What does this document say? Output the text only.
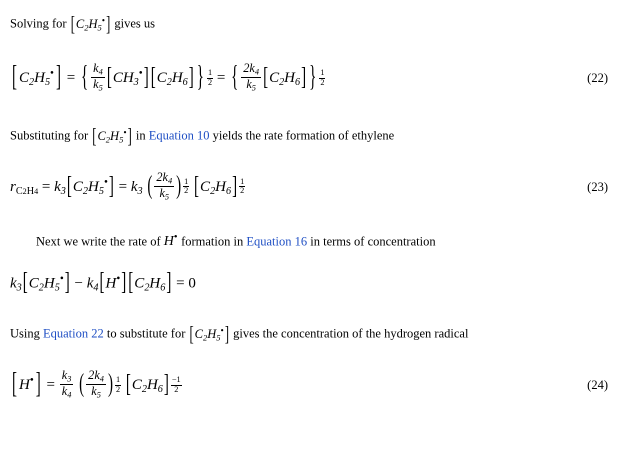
Solving for $[C_2H_5^•]$ gives us

[ $C_2H_5^•$ ] = { $\frac{k_4}{k_5} [CH_3^•]$ $[C_2H_6]$ } $\frac{1}{2}$ = { $\frac{2k_4}{k_5} [C_2H_6]$ } $\frac{1}{2}$	(22)

Substituting for $[C_2H_5^•]$ in Equation 10 yields the rate formation of ethylene

$rC2H4 = k_3[C_2H_5^•] = k_3$ ( $\frac{2k_4}{k_5}$ ) $\frac{1}{2} [C_2H_6] \frac{1}{2}$	(23)

Next we write the rate of H• formation in Equation 16 in terms of concentration

$k_3[C_2H_5^•] - k_4[H^•] [C_2H_6] = 0$

Using Equation 22 to substitute for $[C_2H_5^•]$ gives the concentration of the hydrogen radical

[ H• ] = $\frac{k_3}{k_4}$ ( $\frac{2k_4}{k_5}$ ) $\frac{1}{2} [C_2H_6] \frac{-1}{2}$	(24)
